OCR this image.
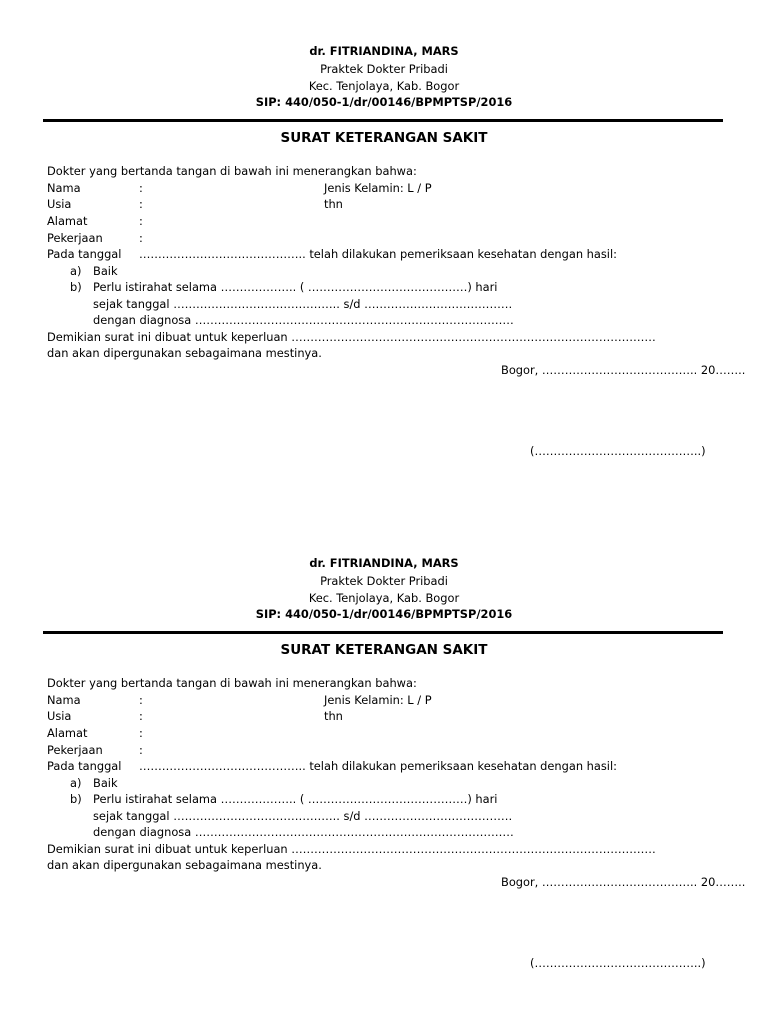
dr. FITRIANDINA, MARS
Praktek Dokter Pribadi
Kec. Tenjolaya, Kab. Bogor
SIP: 440/050-1/dr/00146/BPMPTSP/2016
SURAT KETERANGAN SAKIT
Dokter yang bertanda tangan di bawah ini menerangkan bahwa:
Nama	:	Jenis Kelamin: L / P
Usia	:	thn
Alamat	:
Pekerjaan	:
Pada tanggal …………………………………….. telah dilakukan pemeriksaan kesehatan dengan hasil:
a) Baik
b) Perlu istirahat selama ……………….. ( ……………………………………) hari
sejak tanggal …………………………………….. s/d …………………………………
dengan diagnosa …………………………………………………………………………
Demikian surat ini dibuat untuk keperluan ……………………………………………………………………………………
dan akan dipergunakan sebagaimana mestinya.
Bogor, ………………………………….. 20……..
(……………………………………..)
dr. FITRIANDINA, MARS
Praktek Dokter Pribadi
Kec. Tenjolaya, Kab. Bogor
SIP: 440/050-1/dr/00146/BPMPTSP/2016
SURAT KETERANGAN SAKIT
Dokter yang bertanda tangan di bawah ini menerangkan bahwa:
Nama	:	Jenis Kelamin: L / P
Usia	:	thn
Alamat	:
Pekerjaan	:
Pada tanggal …………………………………….. telah dilakukan pemeriksaan kesehatan dengan hasil:
a) Baik
b) Perlu istirahat selama ……………….. ( ……………………………………) hari
sejak tanggal …………………………………….. s/d …………………………………
dengan diagnosa …………………………………………………………………………
Demikian surat ini dibuat untuk keperluan ……………………………………………………………………………………
dan akan dipergunakan sebagaimana mestinya.
Bogor, ………………………………….. 20……..
(……………………………………..)
